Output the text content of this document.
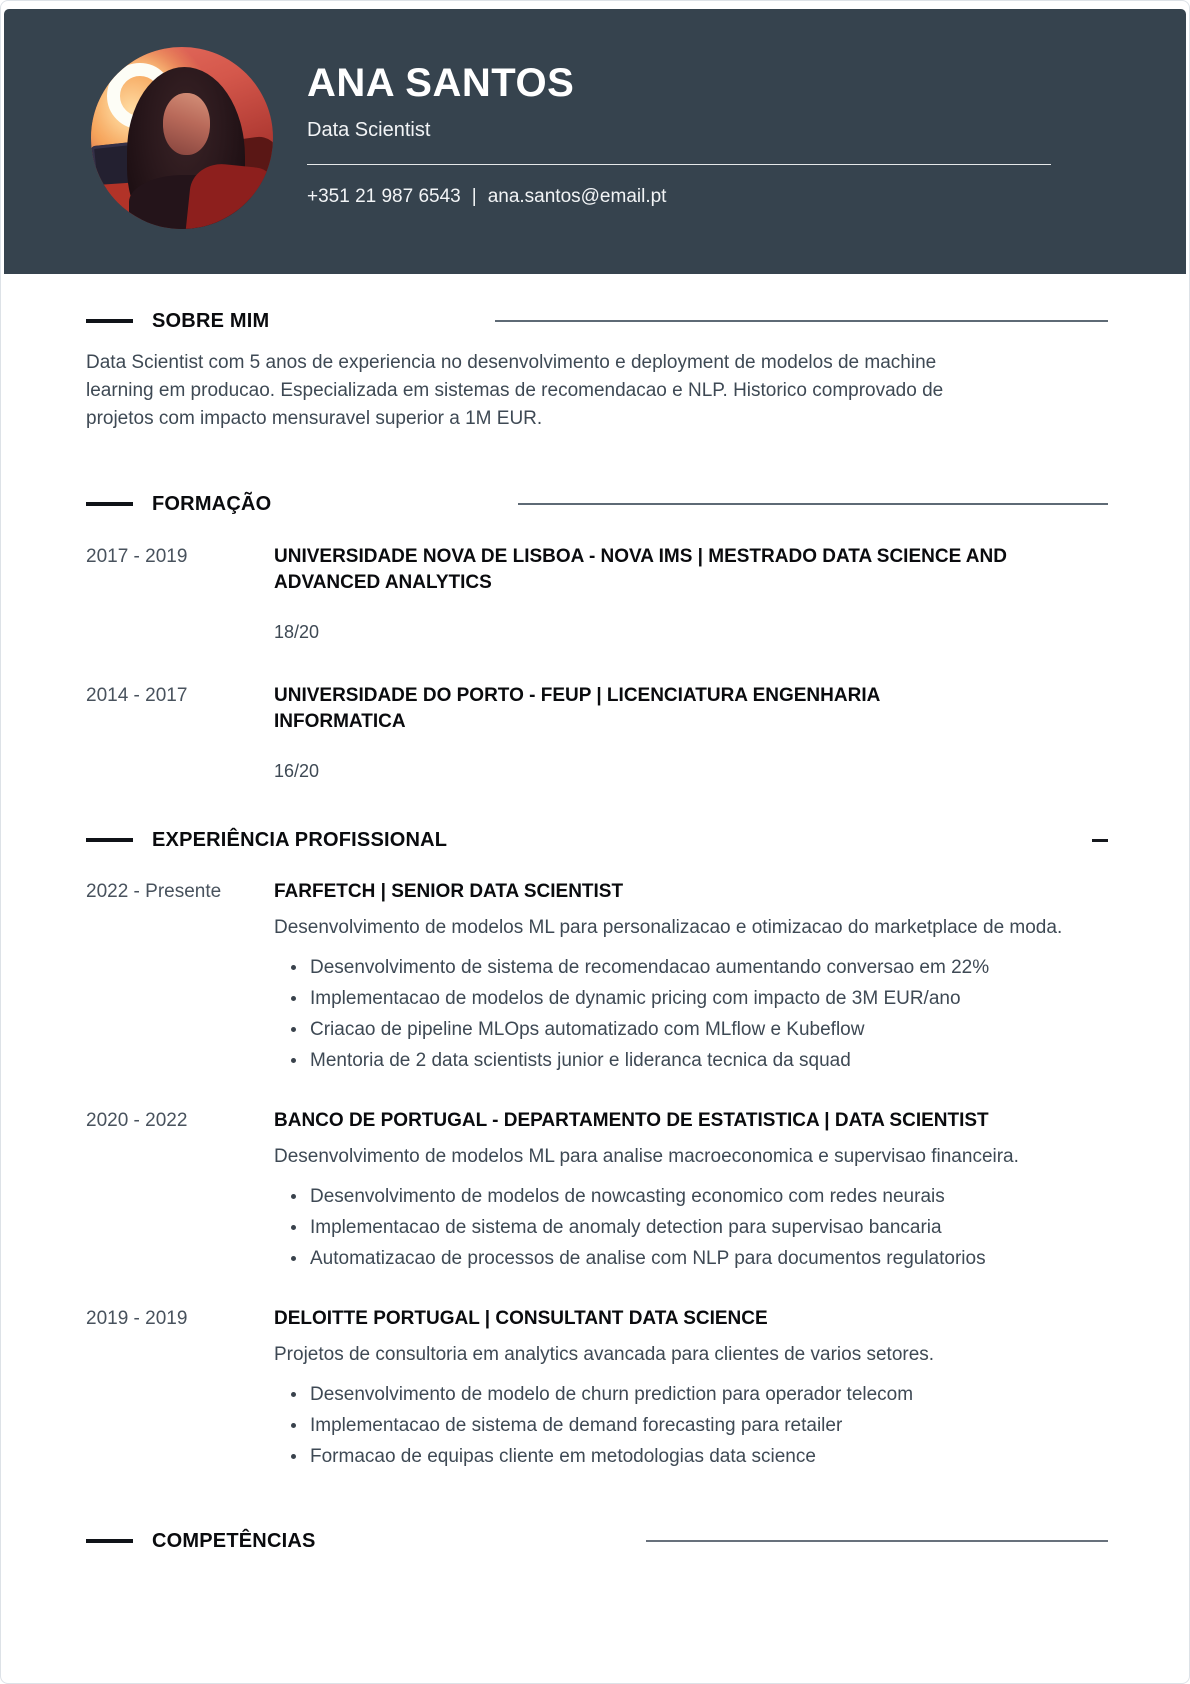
ANA SANTOS
Data Scientist
+351 21 987 6543 | ana.santos@email.pt
SOBRE MIM

Data Scientist com 5 anos de experiencia no desenvolvimento e deployment de modelos de machine learning em producao. Especializada em sistemas de recomendacao e NLP. Historico comprovado de projetos com impacto mensuravel superior a 1M EUR.

FORMAÇÃO
2017 - 2019	UNIVERSIDADE NOVA DE LISBOA - NOVA IMS | MESTRADO DATA SCIENCE AND ADVANCED ANALYTICS
18/20
2014 - 2017	UNIVERSIDADE DO PORTO - FEUP | LICENCIATURA ENGENHARIA INFORMATICA
16/20
EXPERIÊNCIA PROFISSIONAL
2022 - Presente	FARFETCH | SENIOR DATA SCIENTIST

Desenvolvimento de modelos ML para personalizacao e otimizacao do marketplace de moda.

Desenvolvimento de sistema de recomendacao aumentando conversao em 22%
Implementacao de modelos de dynamic pricing com impacto de 3M EUR/ano
Criacao de pipeline MLOps automatizado com MLflow e Kubeflow
Mentoria de 2 data scientists junior e lideranca tecnica da squad
2020 - 2022	BANCO DE PORTUGAL - DEPARTAMENTO DE ESTATISTICA | DATA SCIENTIST

Desenvolvimento de modelos ML para analise macroeconomica e supervisao financeira.

Desenvolvimento de modelos de nowcasting economico com redes neurais
Implementacao de sistema de anomaly detection para supervisao bancaria
Automatizacao de processos de analise com NLP para documentos regulatorios
2019 - 2019	DELOITTE PORTUGAL | CONSULTANT DATA SCIENCE

Projetos de consultoria em analytics avancada para clientes de varios setores.

Desenvolvimento de modelo de churn prediction para operador telecom
Implementacao de sistema de demand forecasting para retailer
Formacao de equipas cliente em metodologias data science
COMPETÊNCIAS
